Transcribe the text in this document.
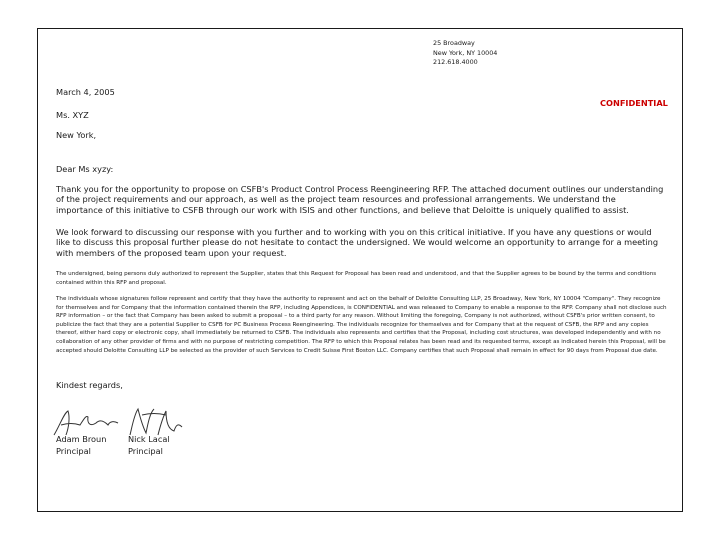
25 Broadway
New York, NY 10004
212.618.4000
March 4, 2005
CONFIDENTIAL
Ms. XYZ
New York,
Dear Ms xyzy:
Thank you for the opportunity to propose on CSFB's Product Control Process Reengineering RFP. The attached document outlines our understanding of the project requirements and our approach, as well as the project team resources and professional arrangements. We understand the importance of this initiative to CSFB through our work with ISIS and other functions, and believe that Deloitte is uniquely qualified to assist.
We look forward to discussing our response with you further and to working with you on this critical initiative. If you have any questions or would like to discuss this proposal further please do not hesitate to contact the undersigned. We would welcome an opportunity to arrange for a meeting with members of the proposed team upon your request.
The undersigned, being persons duly authorized to represent the Supplier, states that this Request for Proposal has been read and understood, and that the Supplier agrees to be bound by the terms and conditions contained within this RFP and proposal.
The individuals whose signatures follow represent and certify that they have the authority to represent and act on the behalf of Deloitte Consulting LLP, 25 Broadway, New York, NY 10004 "Company". They recognize for themselves and for Company that the information contained therein the RFP, including Appendices, is CONFIDENTIAL and was released to Company to enable a response to the RFP. Company shall not disclose such RFP information – or the fact that Company has been asked to submit a proposal – to a third party for any reason. Without limiting the foregoing, Company is not authorized, without CSFB's prior written consent, to publicize the fact that they are a potential Supplier to CSFB for PC Business Process Reengineering. The individuals recognize for themselves and for Company that at the request of CSFB, the RFP and any copies thereof, either hard copy or electronic copy, shall immediately be returned to CSFB. The individuals also represents and certifies that the Proposal, including cost structures, was developed independently and with no collaboration of any other provider of firms and with no purpose of restricting competition. The RFP to which this Proposal relates has been read and its requested terms, except as indicated herein this Proposal, will be accepted should Deloitte Consulting LLP be selected as the provider of such Services to Credit Suisse First Boston LLC. Company certifies that such Proposal shall remain in effect for 90 days from Proposal due date.
Kindest regards,
Adam Broun
Principal
Nick Lacal
Principal
